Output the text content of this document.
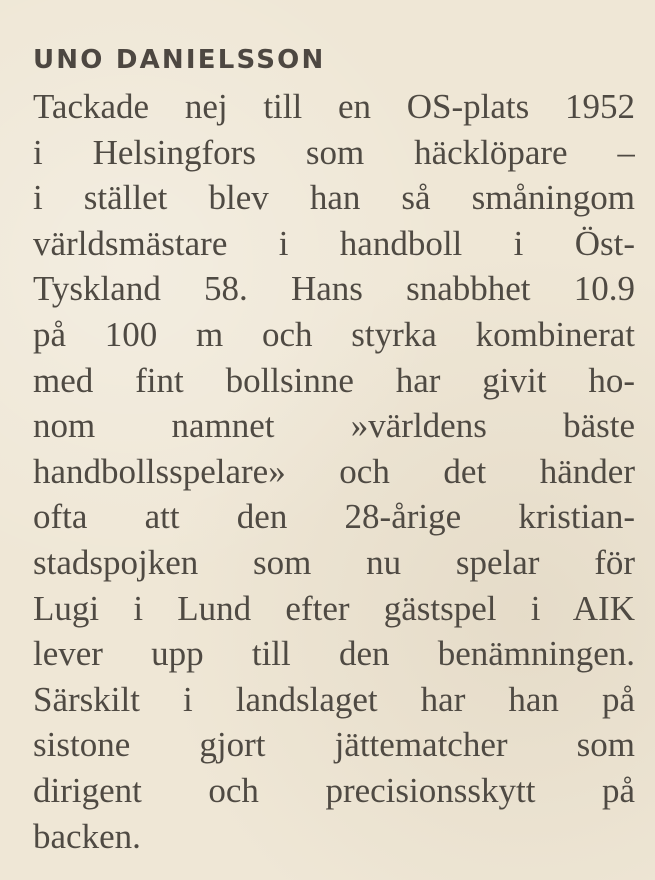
UNO DANIELSSON
Tackade nej till en OS-plats 1952
i Helsingfors som häcklöpare –
i stället blev han så småningom
världsmästare i handboll i Öst-
Tyskland 58. Hans snabbhet 10.9
på 100 m och styrka kombinerat
med fint bollsinne har givit ho-
nom namnet »världens bäste
handbollsspelare» och det händer
ofta att den 28-årige kristian-
stadspojken som nu spelar för
Lugi i Lund efter gästspel i AIK
lever upp till den benämningen.
Särskilt i landslaget har han på
sistone gjort jättematcher som
dirigent och precisionsskytt på
backen.
